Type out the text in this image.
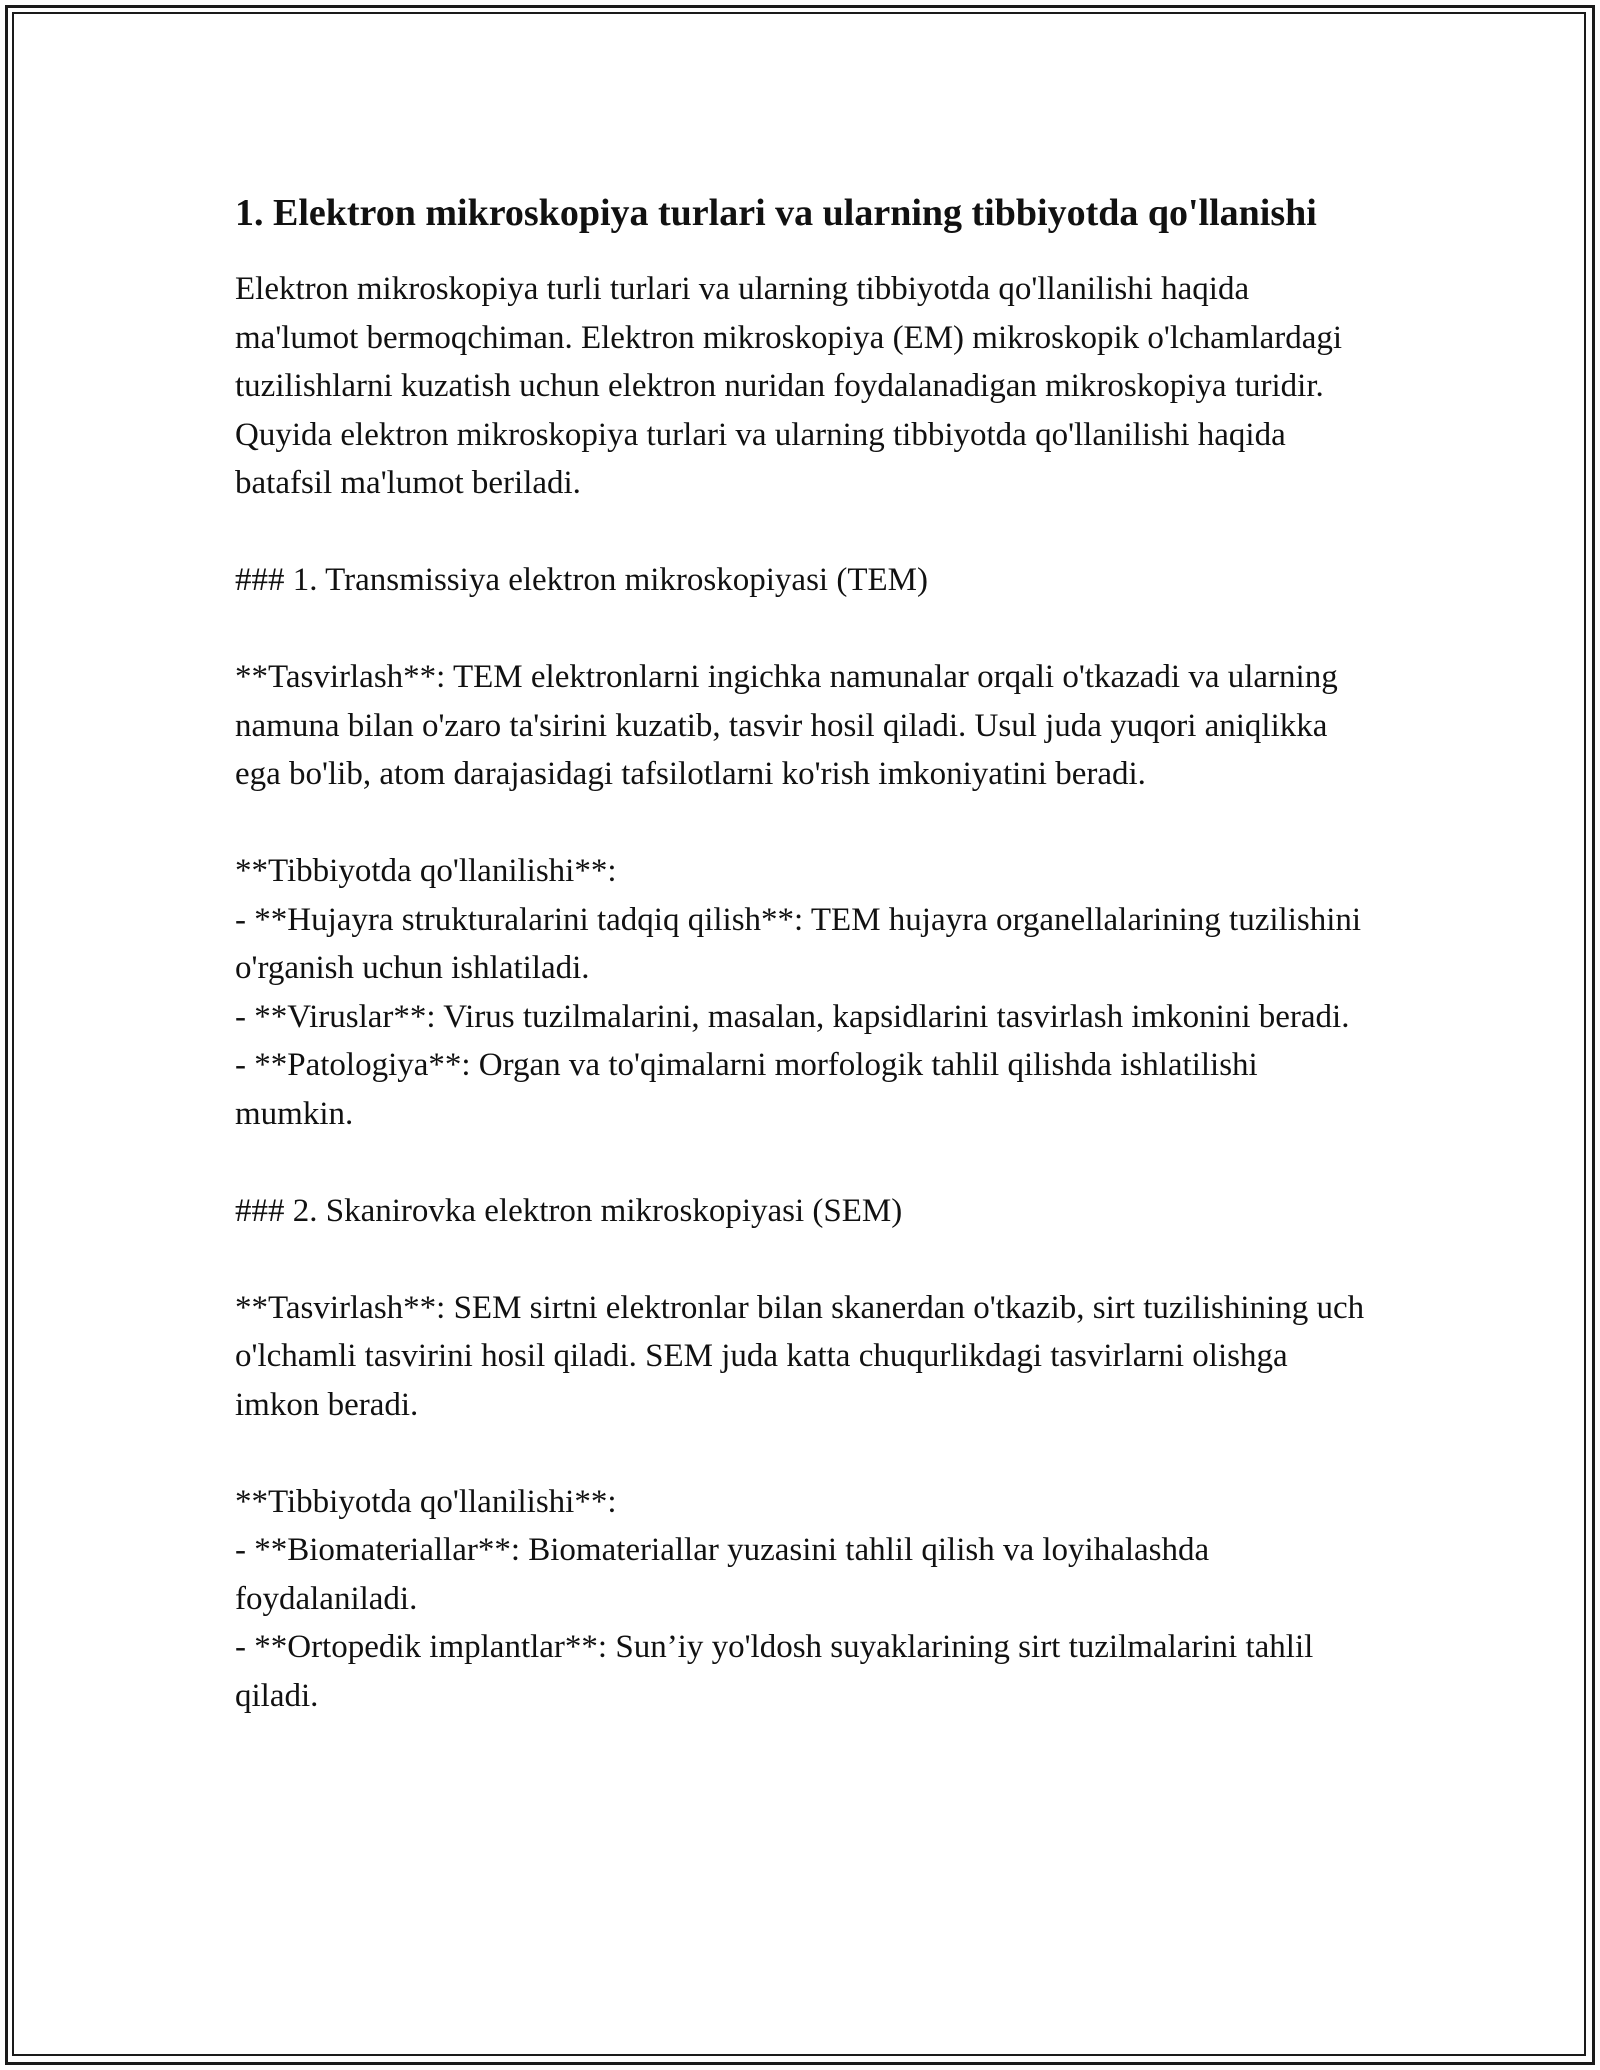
1. Elektron mikroskopiya turlari va ularning tibbiyotda qo'llanishi

Elektron mikroskopiya turli turlari va ularning tibbiyotda qo'llanilishi haqida ma'lumot bermoqchiman. Elektron mikroskopiya (EM) mikroskopik o'lchamlardagi tuzilishlarni kuzatish uchun elektron nuridan foydalanadigan mikroskopiya turidir. Quyida elektron mikroskopiya turlari va ularning tibbiyotda qo'llanilishi haqida batafsil ma'lumot beriladi.

### 1. Transmissiya elektron mikroskopiyasi (TEM)

**Tasvirlash**: TEM elektronlarni ingichka namunalar orqali o'tkazadi va ularning namuna bilan o'zaro ta'sirini kuzatib, tasvir hosil qiladi. Usul juda yuqori aniqlikka ega bo'lib, atom darajasidagi tafsilotlarni ko'rish imkoniyatini beradi.

**Tibbiyotda qo'llanilishi**:

- **Hujayra strukturalarini tadqiq qilish**: TEM hujayra organellalarining tuzilishini o'rganish uchun ishlatiladi.

- **Viruslar**: Virus tuzilmalarini, masalan, kapsidlarini tasvirlash imkonini beradi.

- **Patologiya**: Organ va to'qimalarni morfologik tahlil qilishda ishlatilishi mumkin.

### 2. Skanirovka elektron mikroskopiyasi (SEM)

**Tasvirlash**: SEM sirtni elektronlar bilan skanerdan o'tkazib, sirt tuzilishining uch o'lchamli tasvirini hosil qiladi. SEM juda katta chuqurlikdagi tasvirlarni olishga imkon beradi.

**Tibbiyotda qo'llanilishi**:

- **Biomateriallar**: Biomateriallar yuzasini tahlil qilish va loyihalashda foydalaniladi.

- **Ortopedik implantlar**: Sun’iy yo'ldosh suyaklarining sirt tuzilmalarini tahlil qiladi.
